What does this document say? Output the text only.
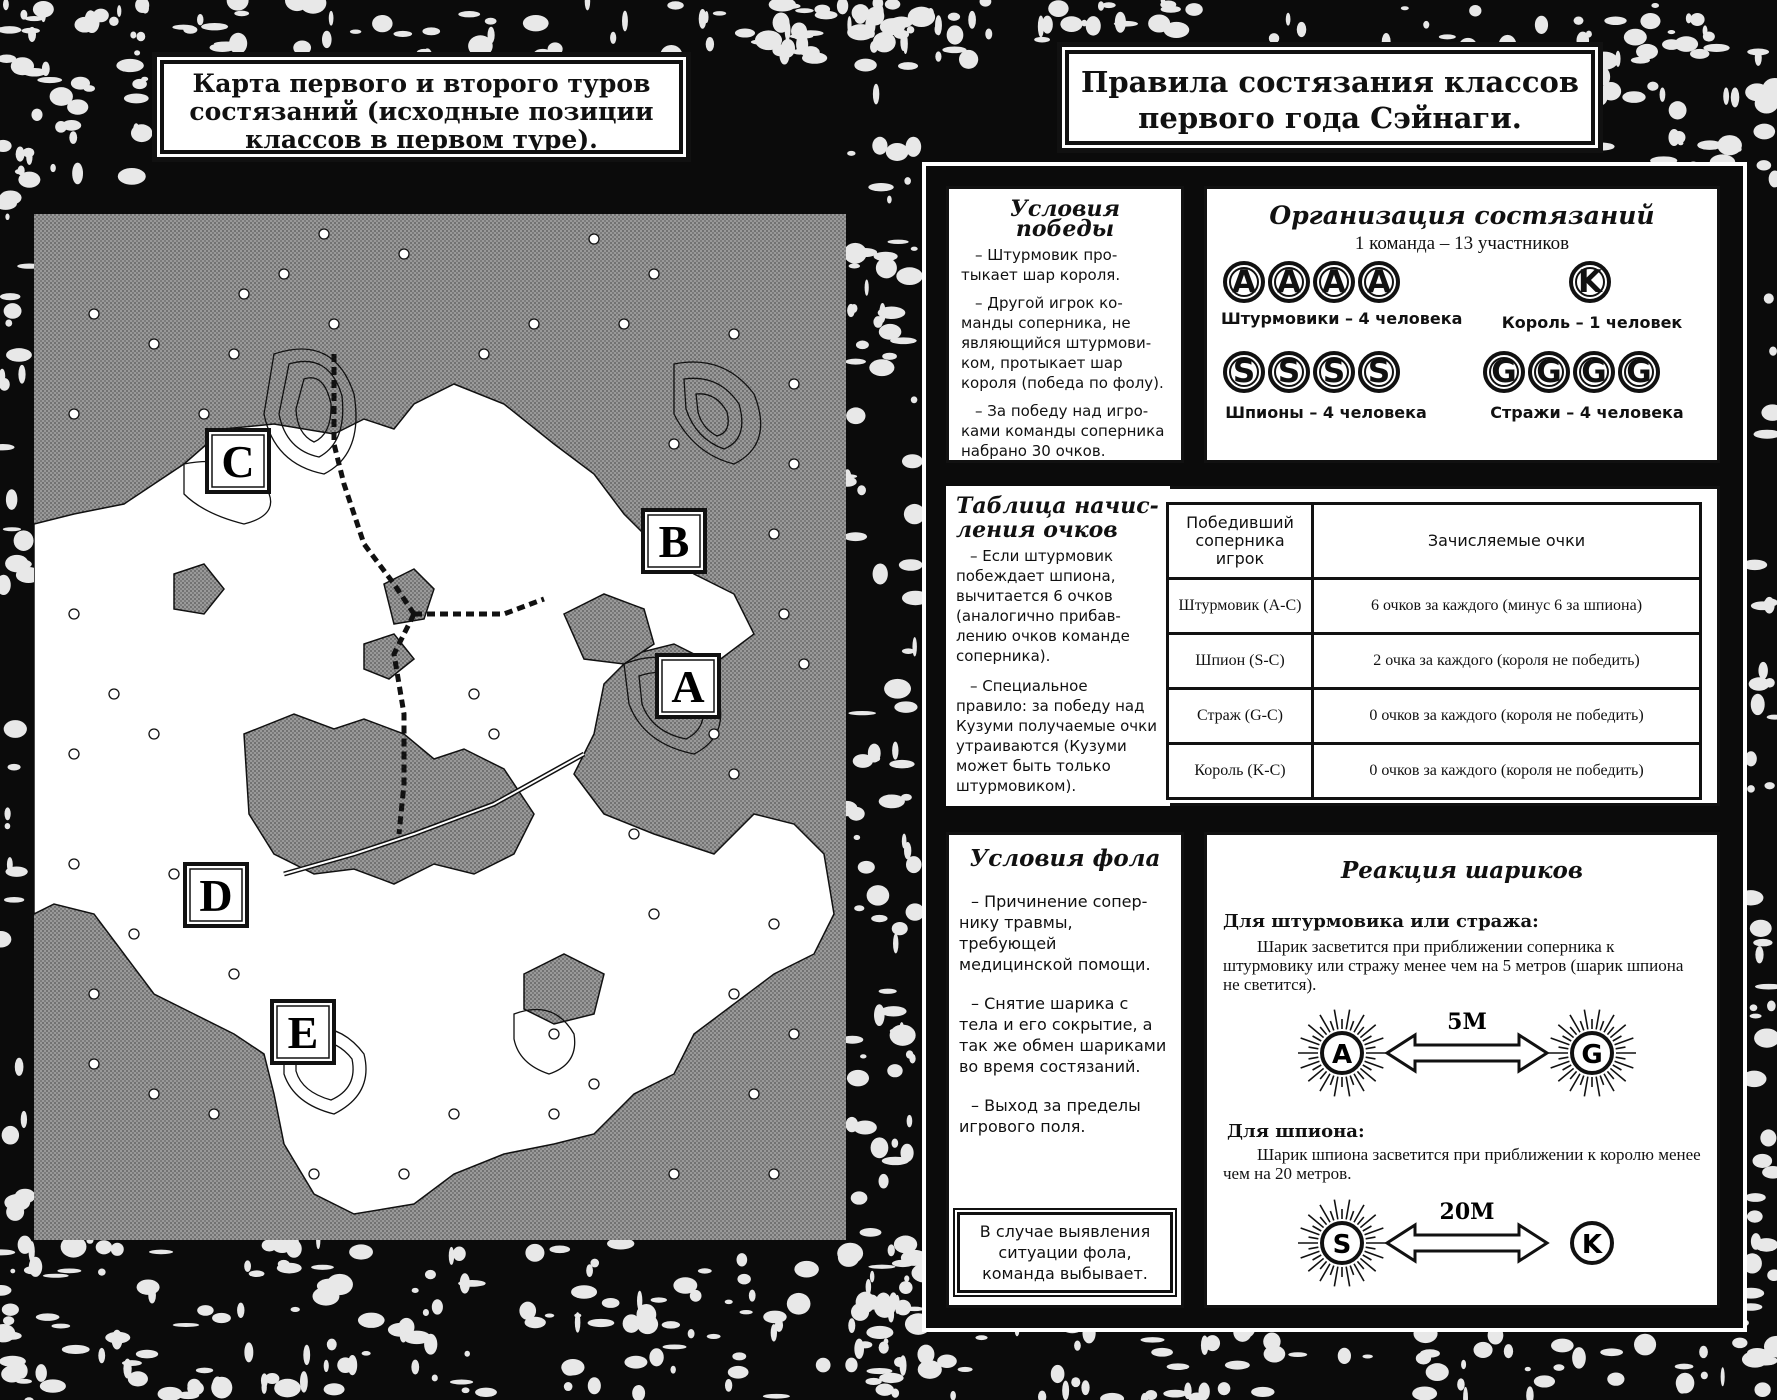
Карта первого и второго туров
состязаний (исходные позиции
классов в первом туре).
C
B
A
D
E
Правила состязания классов
первого года Сэйнаги.
Условия победы

– Штурмовик про-тыкает шар короля.

– Другой игрок ко-манды соперника, не являющийся штурмови-ком, протыкает шар короля (победа по фолу).

– За победу над игро-ками команды соперника набрано 30 очков.

Организация состязаний
1 команда – 13 участников
A A A A
Штурмовики – 4 человека
K
Король – 1 человек
S S S S
Шпионы – 4 человека
G G G G
Стражи – 4 человека
Таблица начис-
ления очков

– Если штурмовик побеждает шпиона, вычитается 6 очков (аналогично прибав-лению очков команде соперника).

– Специальное правило: за победу над Кузуми получаемые очки утраиваются (Кузуми может быть только штурмовиком).

Победивший соперника игрок	Зачисляемые очки
Штурмовик (A-C)	6 очков за каждого (минус 6 за шпиона)
Шпион (S-C)	2 очка за каждого (короля не победить)
Страж (G-C)	0 очков за каждого (короля не победить)
Король (K-C)	0 очков за каждого (короля не победить)
Условия фола

– Причинение сопер-нику травмы, требующей медицинской помощи.

– Снятие шарика с тела и его сокрытие, а так же обмен шариками во время состязаний.

– Выход за пределы игрового поля.

В случае выявления ситуации фола, команда выбывает.
Реакция шариков
Для штурмовика или стража:
Шарик засветится при приближении соперника к штурмовику или стражу менее чем на 5 метров (шарик шпиона не светится).
A	G
5M
Для шпиона:
Шарик шпиона засветится при приближении к королю менее чем на 20 метров.
S	K
20M
